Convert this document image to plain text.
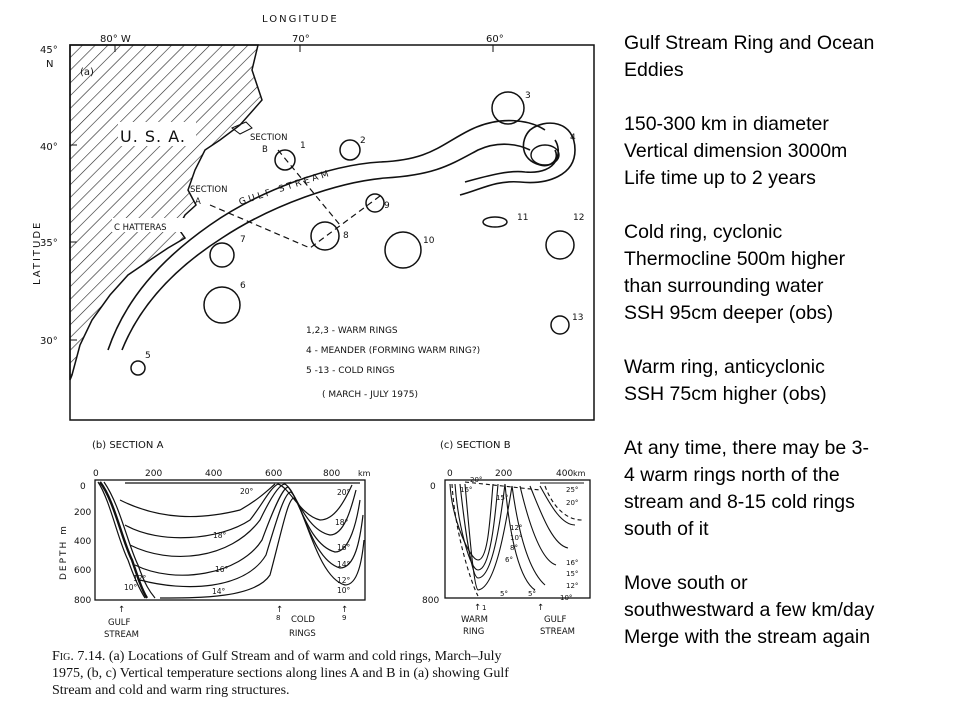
LONGITUDE
LATITUDE
80° W	70°	60°
45°
N
40°
35°
30°
U. S. A.
C HATTERAS
(a)
GULF STREAM
SECTION
A
SECTION
B	1	2
3
4
5
6
7	8
9
10
11	12
13
1,2,3 - WARM RINGS
4 - MEANDER (FORMING WARM RING?)
5 -13 - COLD RINGS
( MARCH - JULY 1975)
(b) SECTION A
0	200	400	600	800 km
0
200
400
600
800
DEPTH m
20°
18°
18°
16°
16°
14°
14°
12°	12°
10°	10°
20°
↑
GULF
STREAM
↑
8 COLD
RINGS
↑
9
(c) SECTION B
0	200	400 km
0
800
20°
16°
15°
12°
10°
8°
6°
5°
25°
20°
16°
15°
12°
10°
5°
↑ 1
WARM
RING
↑
GULF
STREAM
Fig. 7.14. (a) Locations of Gulf Stream and of warm and cold rings, March–July
1975, (b, c) Vertical temperature sections along lines A and B in (a) showing Gulf
Stream and cold and warm ring structures.
Gulf Stream Ring and Ocean
Eddies
150-300 km in diameter
Vertical dimension 3000m
Life time up to 2 years
Cold ring, cyclonic
Thermocline 500m higher
than surrounding water
SSH 95cm deeper (obs)
Warm ring, anticyclonic
SSH 75cm higher (obs)
At any time, there may be 3-
4 warm rings north of the
stream and 8-15 cold rings
south of it
Move south or
southwestward a few km/day
Merge with the stream again
